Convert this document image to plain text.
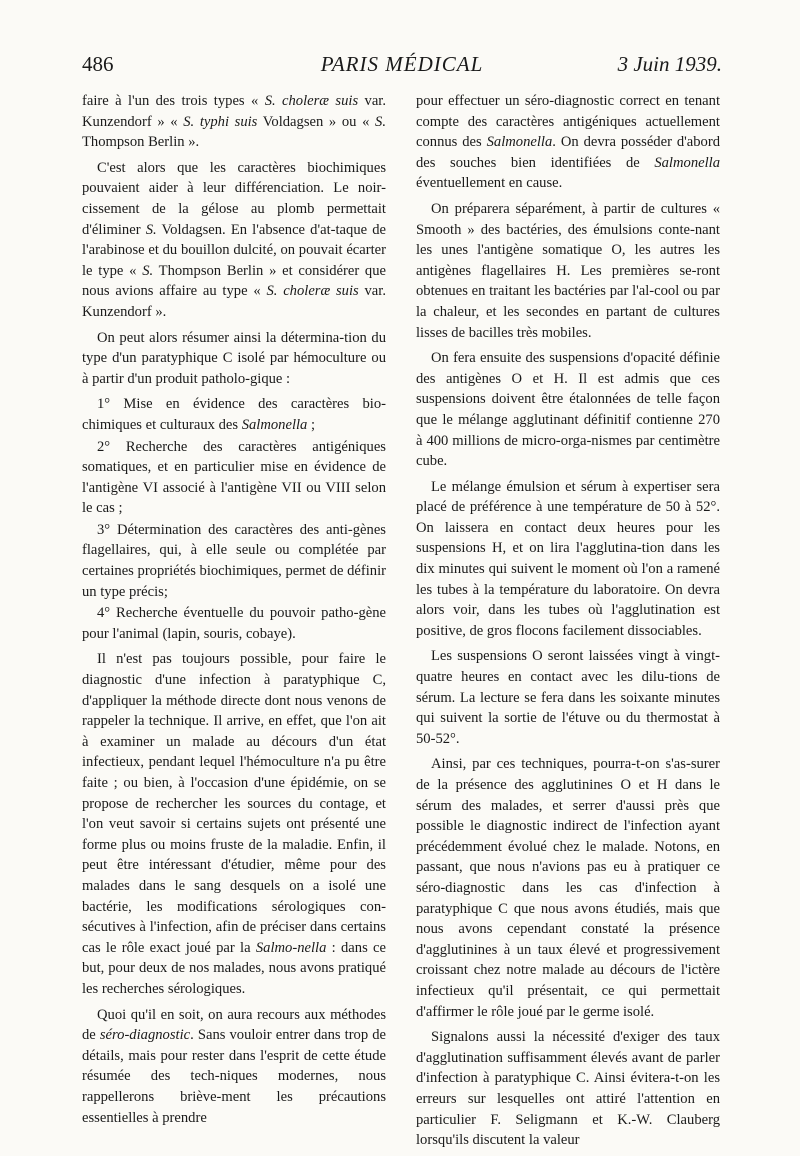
486	PARIS MÉDICAL	3 Juin 1939.

faire à l'un des trois types « S. choleræ suis var. Kunzendorf » « S. typhi suis Voldagsen » ou « S. Thompson Berlin ».

C'est alors que les caractères biochimiques pouvaient aider à leur différenciation. Le noir-cissement de la gélose au plomb permettait d'éliminer S. Voldagsen. En l'absence d'at-taque de l'arabinose et du bouillon dulcité, on pouvait écarter le type « S. Thompson Berlin » et considérer que nous avions affaire au type « S. choleræ suis var. Kunzendorf ».

On peut alors résumer ainsi la détermina-tion du type d'un paratyphique C isolé par hémoculture ou à partir d'un produit patholo-gique :

1° Mise en évidence des caractères bio-chimiques et culturaux des Salmonella ;

2° Recherche des caractères antigéniques somatiques, et en particulier mise en évidence de l'antigène VI associé à l'antigène VII ou VIII selon le cas ;

3° Détermination des caractères des anti-gènes flagellaires, qui, à elle seule ou complétée par certaines propriétés biochimiques, permet de définir un type précis;

4° Recherche éventuelle du pouvoir patho-gène pour l'animal (lapin, souris, cobaye).

Il n'est pas toujours possible, pour faire le diagnostic d'une infection à paratyphique C, d'appliquer la méthode directe dont nous venons de rappeler la technique. Il arrive, en effet, que l'on ait à examiner un malade au décours d'un état infectieux, pendant lequel l'hémoculture n'a pu être faite ; ou bien, à l'occasion d'une épidémie, on se propose de rechercher les sources du contage, et l'on veut savoir si certains sujets ont présenté une forme plus ou moins fruste de la maladie. Enfin, il peut être intéressant d'étudier, même pour des malades dans le sang desquels on a isolé une bactérie, les modifications sérologiques con-sécutives à l'infection, afin de préciser dans certains cas le rôle exact joué par la Salmo-nella : dans ce but, pour deux de nos malades, nous avons pratiqué les recherches sérologiques.

Quoi qu'il en soit, on aura recours aux méthodes de séro-diagnostic. Sans vouloir entrer dans trop de détails, mais pour rester dans l'esprit de cette étude résumée des tech-niques modernes, nous rappellerons briève-ment les précautions essentielles à prendre

pour effectuer un séro-diagnostic correct en tenant compte des caractères antigéniques actuellement connus des Salmonella. On devra posséder d'abord des souches bien identifiées de Salmonella éventuellement en cause.

On préparera séparément, à partir de cultures « Smooth » des bactéries, des émulsions conte-nant les unes l'antigène somatique O, les autres les antigènes flagellaires H. Les premières se-ront obtenues en traitant les bactéries par l'al-cool ou par la chaleur, et les secondes en partant de cultures lisses de bacilles très mobiles.

On fera ensuite des suspensions d'opacité définie des antigènes O et H. Il est admis que ces suspensions doivent être étalonnées de telle façon que le mélange agglutinant définitif contienne 270 à 400 millions de micro-orga-nismes par centimètre cube.

Le mélange émulsion et sérum à expertiser sera placé de préférence à une température de 50 à 52°. On laissera en contact deux heures pour les suspensions H, et on lira l'agglutina-tion dans les dix minutes qui suivent le moment où l'on a ramené les tubes à la température du laboratoire. On devra alors voir, dans les tubes où l'agglutination est positive, de gros flocons facilement dissociables.

Les suspensions O seront laissées vingt à vingt-quatre heures en contact avec les dilu-tions de sérum. La lecture se fera dans les soixante minutes qui suivent la sortie de l'étuve ou du thermostat à 50-52°.

Ainsi, par ces techniques, pourra-t-on s'as-surer de la présence des agglutinines O et H dans le sérum des malades, et serrer d'aussi près que possible le diagnostic indirect de l'infection ayant précédemment évolué chez le malade. Notons, en passant, que nous n'avions pas eu à pratiquer ce séro-diagnostic dans les cas d'infection à paratyphique C que nous avons étudiés, mais que nous avons cependant constaté la présence d'agglutinines à un taux élevé et progressivement croissant chez notre malade au décours de l'ictère infectieux qu'il présentait, ce qui permettait d'affirmer le rôle joué par le germe isolé.

Signalons aussi la nécessité d'exiger des taux d'agglutination suffisamment élevés avant de parler d'infection à paratyphique C. Ainsi évitera-t-on les erreurs sur lesquelles ont attiré l'attention en particulier F. Seligmann et K.-W. Clauberg lorsqu'ils discutent la valeur
